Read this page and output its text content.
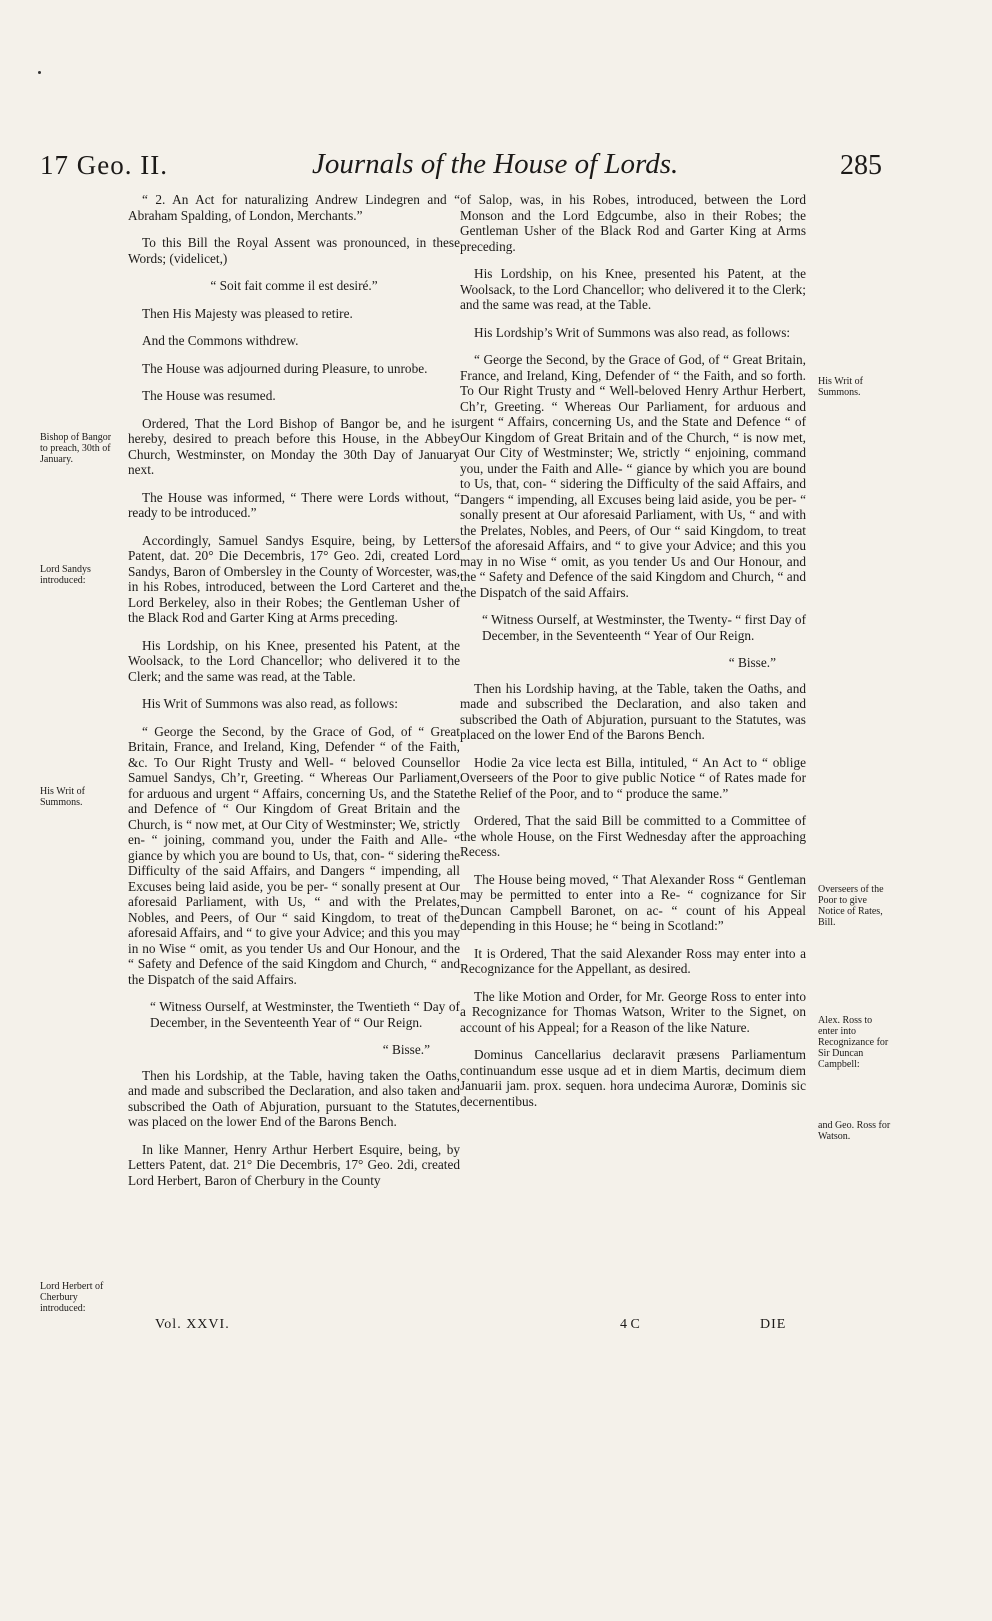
17 Geo. II.	Journals of the House of Lords.	285

“ 2. An Act for naturalizing Andrew Lindegren and “ Abraham Spalding, of London, Merchants.”

To this Bill the Royal Assent was pronounced, in these Words; (videlicet,)

“ Soit fait comme il est desiré.”

Then His Majesty was pleased to retire.

And the Commons withdrew.

The House was adjourned during Pleasure, to unrobe.

The House was resumed.

Ordered, That the Lord Bishop of Bangor be, and he is hereby, desired to preach before this House, in the Abbey Church, Westminster, on Monday the 30th Day of January next.

The House was informed, “ There were Lords without, “ ready to be introduced.”

Accordingly, Samuel Sandys Esquire, being, by Letters Patent, dat. 20° Die Decembris, 17° Geo. 2di, created Lord Sandys, Baron of Ombersley in the County of Worcester, was, in his Robes, introduced, between the Lord Carteret and the Lord Berkeley, also in their Robes; the Gentleman Usher of the Black Rod and Garter King at Arms preceding.

His Lordship, on his Knee, presented his Patent, at the Woolsack, to the Lord Chancellor; who delivered it to the Clerk; and the same was read, at the Table.

His Writ of Summons was also read, as follows:

“ George the Second, by the Grace of God, of “ Great Britain, France, and Ireland, King, Defender “ of the Faith, &c. To Our Right Trusty and Well- “ beloved Counsellor Samuel Sandys, Ch’r, Greeting. “ Whereas Our Parliament, for arduous and urgent “ Affairs, concerning Us, and the State and Defence of “ Our Kingdom of Great Britain and the Church, is “ now met, at Our City of Westminster; We, strictly en- “ joining, command you, under the Faith and Alle- “ giance by which you are bound to Us, that, con- “ sidering the Difficulty of the said Affairs, and Dangers “ impending, all Excuses being laid aside, you be per- “ sonally present at Our aforesaid Parliament, with Us, “ and with the Prelates, Nobles, and Peers, of Our “ said Kingdom, to treat of the aforesaid Affairs, and “ to give your Advice; and this you may in no Wise “ omit, as you tender Us and Our Honour, and the “ Safety and Defence of the said Kingdom and Church, “ and the Dispatch of the said Affairs.

“ Witness Ourself, at Westminster, the Twentieth “ Day of December, in the Seventeenth Year of “ Our Reign.

“ Bisse.”

Then his Lordship, at the Table, having taken the Oaths, and made and subscribed the Declaration, and also taken and subscribed the Oath of Abjuration, pursuant to the Statutes, was placed on the lower End of the Barons Bench.

In like Manner, Henry Arthur Herbert Esquire, being, by Letters Patent, dat. 21° Die Decembris, 17° Geo. 2di, created Lord Herbert, Baron of Cherbury in the County

of Salop, was, in his Robes, introduced, between the Lord Monson and the Lord Edgcumbe, also in their Robes; the Gentleman Usher of the Black Rod and Garter King at Arms preceding.

His Lordship, on his Knee, presented his Patent, at the Woolsack, to the Lord Chancellor; who delivered it to the Clerk; and the same was read, at the Table.

His Lordship’s Writ of Summons was also read, as follows:

“ George the Second, by the Grace of God, of “ Great Britain, France, and Ireland, King, Defender of “ the Faith, and so forth. To Our Right Trusty and “ Well-beloved Henry Arthur Herbert, Ch’r, Greeting. “ Whereas Our Parliament, for arduous and urgent “ Affairs, concerning Us, and the State and Defence “ of Our Kingdom of Great Britain and of the Church, “ is now met, at Our City of Westminster; We, strictly “ enjoining, command you, under the Faith and Alle- “ giance by which you are bound to Us, that, con- “ sidering the Difficulty of the said Affairs, and Dangers “ impending, all Excuses being laid aside, you be per- “ sonally present at Our aforesaid Parliament, with Us, “ and with the Prelates, Nobles, and Peers, of Our “ said Kingdom, to treat of the aforesaid Affairs, and “ to give your Advice; and this you may in no Wise “ omit, as you tender Us and Our Honour, and the “ Safety and Defence of the said Kingdom and Church, “ and the Dispatch of the said Affairs.

“ Witness Ourself, at Westminster, the Twenty- “ first Day of December, in the Seventeenth “ Year of Our Reign.

“ Bisse.”

Then his Lordship having, at the Table, taken the Oaths, and made and subscribed the Declaration, and also taken and subscribed the Oath of Abjuration, pursuant to the Statutes, was placed on the lower End of the Barons Bench.

Hodie 2a vice lecta est Billa, intituled, “ An Act to “ oblige Overseers of the Poor to give public Notice “ of Rates made for the Relief of the Poor, and to “ produce the same.”

Ordered, That the said Bill be committed to a Committee of the whole House, on the First Wednesday after the approaching Recess.

The House being moved, “ That Alexander Ross “ Gentleman may be permitted to enter into a Re- “ cognizance for Sir Duncan Campbell Baronet, on ac- “ count of his Appeal depending in this House; he “ being in Scotland:”

It is Ordered, That the said Alexander Ross may enter into a Recognizance for the Appellant, as desired.

The like Motion and Order, for Mr. George Ross to enter into a Recognizance for Thomas Watson, Writer to the Signet, on account of his Appeal; for a Reason of the like Nature.

Dominus Cancellarius declaravit præsens Parliamentum continuandum esse usque ad et in diem Martis, decimum diem Januarii jam. prox. sequen. hora undecima Auroræ, Dominis sic decernentibus.

Bishop of Bangor to preach, 30th of January.
Lord Sandys introduced:
His Writ of Summons.
Lord Herbert of Cherbury introduced:
His Writ of Summons.
Overseers of the Poor to give Notice of Rates, Bill.
Alex. Ross to enter into Recognizance for Sir Duncan Campbell:
and Geo. Ross for Watson.
Vol. XXVI.	4 C	DIE
